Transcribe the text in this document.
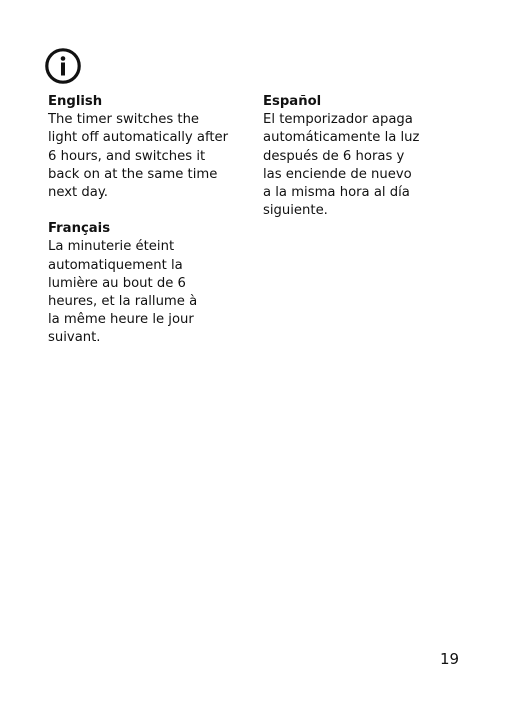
English
The timer switches the
light off automatically after
6 hours, and switches it
back on at the same time
next day.
Français
La minuterie éteint
automatiquement la
lumière au bout de 6
heures, et la rallume à
la même heure le jour
suivant.
Español
El temporizador apaga
automáticamente la luz
después de 6 horas y
las enciende de nuevo
a la misma hora al día
siguiente.
19
